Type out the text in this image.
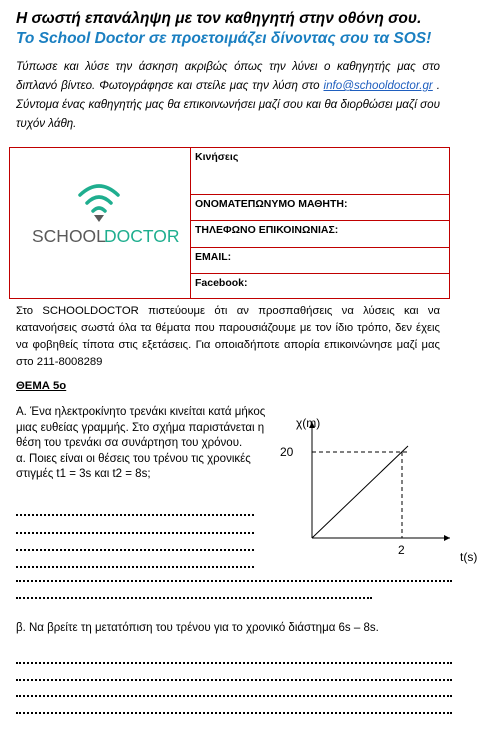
Η σωστή επανάληψη με τον καθηγητή στην οθόνη σου.
Το School Doctor σε προετοιμάζει δίνοντας σου τα SOS!
Τύπωσε και λύσε την άσκηση ακριβώς όπως την λύνει ο καθηγητής μας στο διπλανό βίντεο. Φωτογράφησε και στείλε μας την λύση στο info@schooldoctor.gr . Σύντομα ένας καθηγητής μας θα επικοινωνήσει μαζί σου και θα διορθώσει μαζί σου τυχόν λάθη.
SCHOOL
DOCTOR
	Κινήσεις
ΟΝΟΜΑΤΕΠΩΝΥΜΟ ΜΑΘΗΤΗ:
ΤΗΛΕΦΩΝΟ ΕΠΙΚΟΙΝΩΝΙΑΣ:
EMAIL:
Facebook:
Στο SCHOOLDOCTOR πιστεύουμε ότι αν προσπαθήσεις να λύσεις και να κατανοήσεις σωστά όλα τα θέματα που παρουσιάζουμε με τον ίδιο τρόπο, δεν έχεις να φοβηθείς τίποτα στις εξετάσεις. Για οποιαδήποτε απορία επικοινώνησε μαζί μας στο 211-8008289
ΘΕΜΑ 5ο
Α. Ένα ηλεκτροκίνητο τρενάκι κινείται κατά μήκος μιας ευθείας γραμμής. Στο σχήμα παριστάνεται η θέση του τρενάκι σα συνάρτηση του χρόνου.
α. Ποιες είναι οι θέσεις του τρένου τις χρονικές στιγμές t1 = 3s και t2 = 8s;
χ(m)
t(s)
20
2
β. Να βρείτε τη μετατόπιση του τρένου για το χρονικό διάστημα 6s – 8s.
